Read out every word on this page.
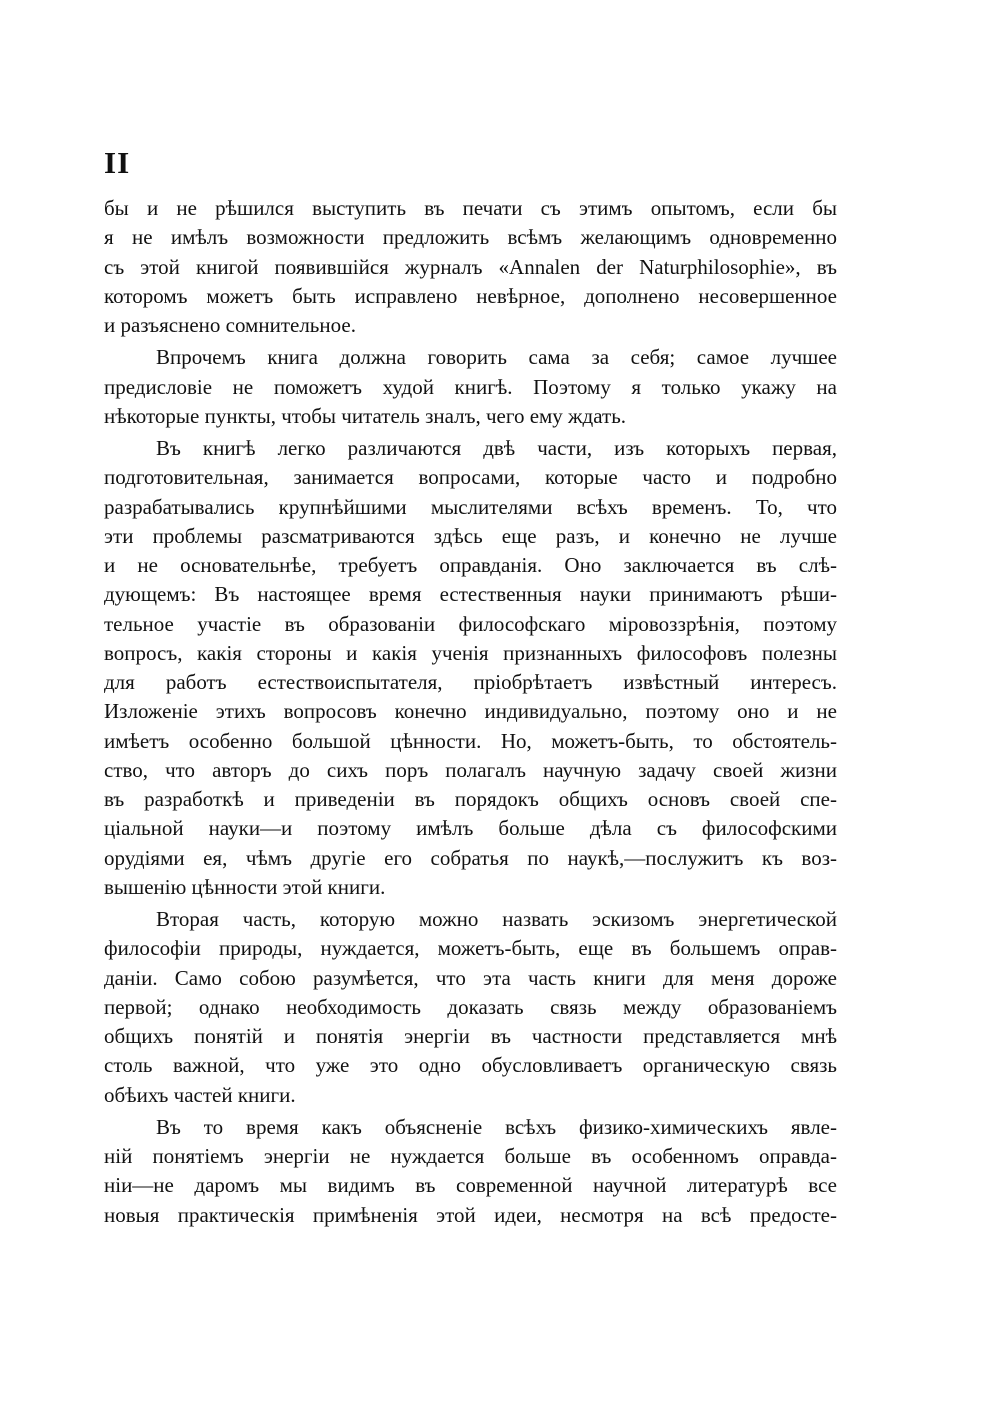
II
бы и не рѣшился выступить въ печати съ этимъ опытомъ, если бы
я не имѣлъ возможности предложить всѣмъ желающимъ одновременно
съ этой книгой появившійся журналъ «Annalen der Naturphilosophie», въ
которомъ можетъ быть исправлено невѣрное, дополнено несовершенное
и разъяснено сомнительное.
Впрочемъ книга должна говорить сама за себя; самое лучшее
предисловіе не поможетъ худой книгѣ. Поэтому я только укажу на
нѣкоторые пункты, чтобы читатель зналъ, чего ему ждать.
Въ книгѣ легко различаются двѣ части, изъ которыхъ первая,
подготовительная, занимается вопросами, которые часто и подробно
разрабатывались крупнѣйшими мыслителями всѣхъ временъ. То, что
эти проблемы разсматриваются здѣсь еще разъ, и конечно не лучше
и не основательнѣе, требуетъ оправданія. Оно заключается въ слѣ-
дующемъ: Въ настоящее время естественныя науки принимаютъ рѣши-
тельное участіе въ образованіи философскаго міровоззрѣнія, поэтому
вопросъ, какія стороны и какія ученія признанныхъ философовъ полезны
для работъ естествоиспытателя, пріобрѣтаетъ извѣстный интересъ.
Изложеніе этихъ вопросовъ конечно индивидуально, поэтому оно и не
имѣетъ особенно большой цѣнности. Но, можетъ-быть, то обстоятель-
ство, что авторъ до сихъ поръ полагалъ научную задачу своей жизни
въ разработкѣ и приведеніи въ порядокъ общихъ основъ своей спе-
ціальной науки—и поэтому имѣлъ больше дѣла съ философскими
орудіями ея, чѣмъ другіе его собратья по наукѣ,—послужитъ къ воз-
вышенію цѣнности этой книги.
Вторая часть, которую можно назвать эскизомъ энергетической
философіи природы, нуждается, можетъ-быть, еще въ большемъ оправ-
даніи. Само собою разумѣется, что эта часть книги для меня дороже
первой; однако необходимость доказать связь между образованіемъ
общихъ понятій и понятія энергіи въ частности представляется мнѣ
столь важной, что уже это одно обусловливаетъ органическую связь
обѣихъ частей книги.
Въ то время какъ объясненіе всѣхъ физико-химическихъ явле-
ній понятіемъ энергіи не нуждается больше въ особенномъ оправда-
ніи—не даромъ мы видимъ въ современной научной литературѣ все
новыя практическія примѣненія этой идеи, несмотря на всѣ предосте-
